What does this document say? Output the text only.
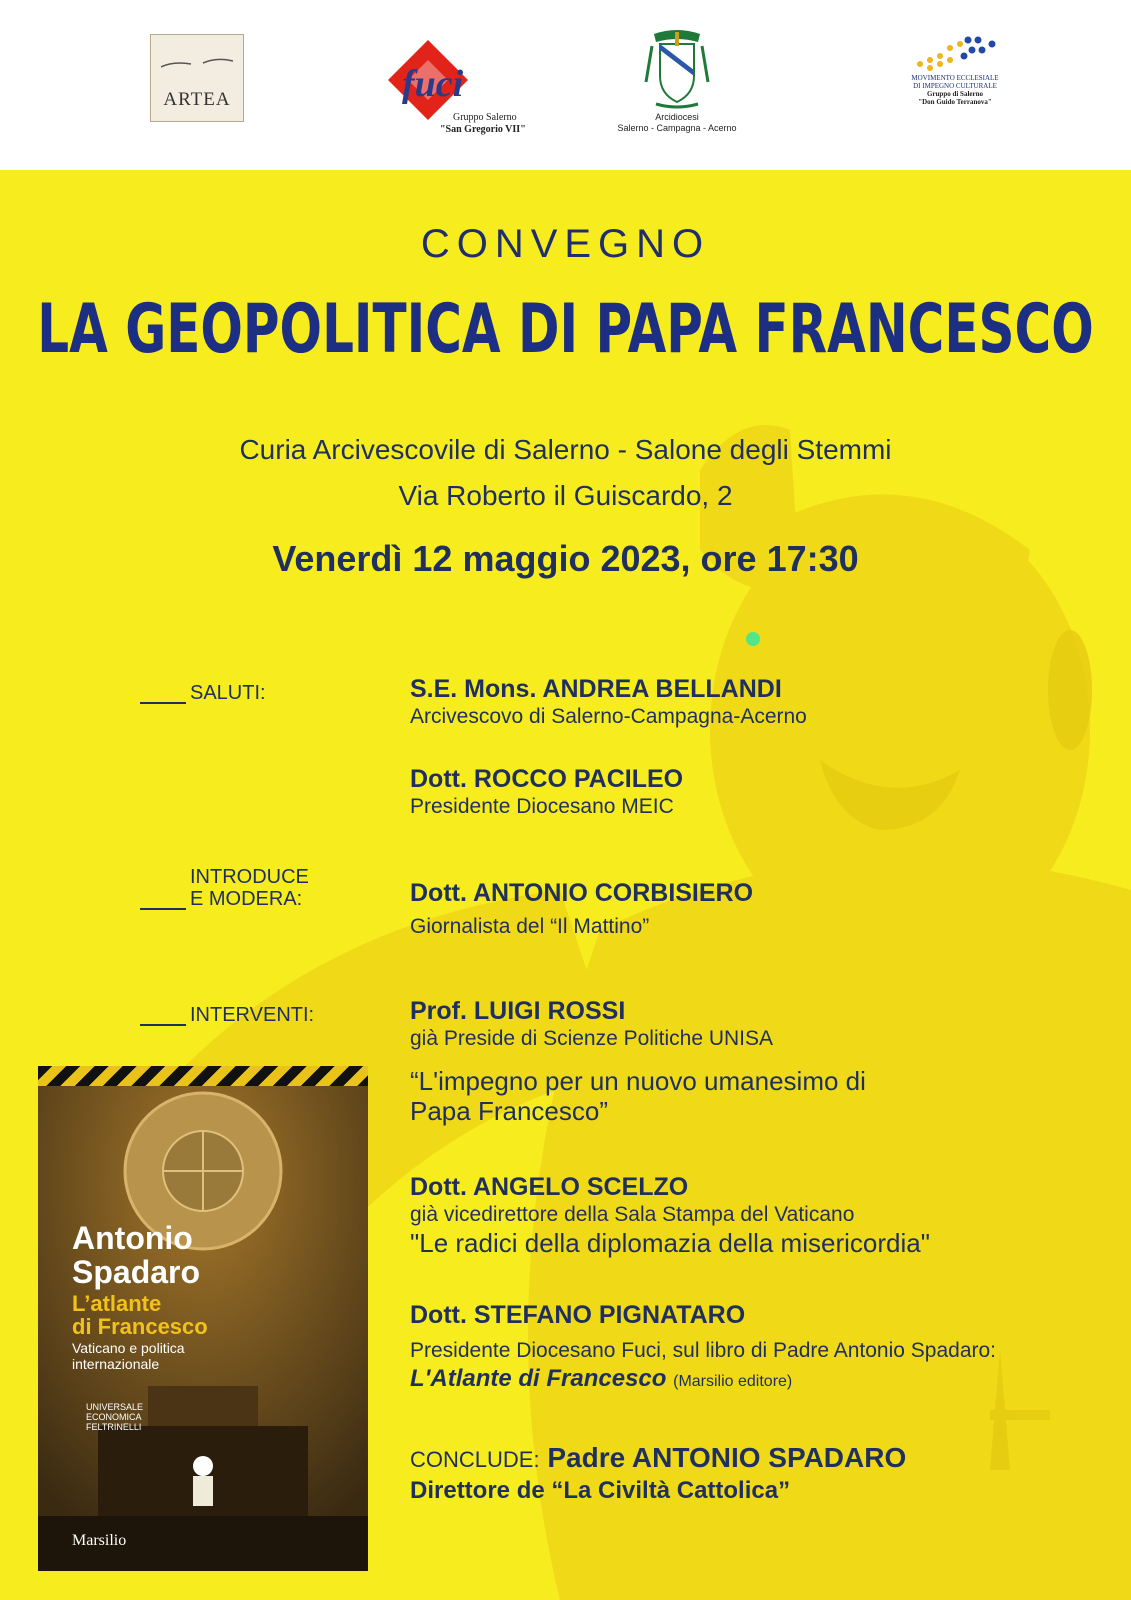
ARTEA	fuci
Gruppo Salerno
"San Gregorio VII"
Arcidiocesi
Salerno - Campagna - Acerno
MOVIMENTO ECCLESIALE
DI IMPEGNO CULTURALE
Gruppo di Salerno
"Don Guido Terranova"
CONVEGNO
LA GEOPOLITICA DI PAPA FRANCESCO
Curia Arcivescovile di Salerno - Salone degli Stemmi
Via Roberto il Guiscardo, 2
Venerdì 12 maggio 2023, ore 17:30
SALUTI:
INTRODUCE
E MODERA:
INTERVENTI:
S.E. Mons. ANDREA BELLANDI
Arcivescovo di Salerno-Campagna-Acerno
Dott. ROCCO PACILEO
Presidente Diocesano MEIC
Dott. ANTONIO CORBISIERO
Giornalista del “Il Mattino”
Prof. LUIGI ROSSI
già Preside di Scienze Politiche UNISA
“L'impegno per un nuovo umanesimo di
Papa Francesco”
Dott. ANGELO SCELZO
già vicedirettore della Sala Stampa del Vaticano
"Le radici della diplomazia della misericordia"
Dott. STEFANO PIGNATARO
Presidente Diocesano Fuci, sul libro di Padre Antonio Spadaro:
L'Atlante di Francesco (Marsilio editore)
CONCLUDE: Padre ANTONIO SPADARO
Direttore de “La Civiltà Cattolica”
Antonio
Spadaro
L’atlante
di Francesco
Vaticano e politica
internazionale
UNIVERSALE
ECONOMICA
FELTRINELLI
Marsilio
